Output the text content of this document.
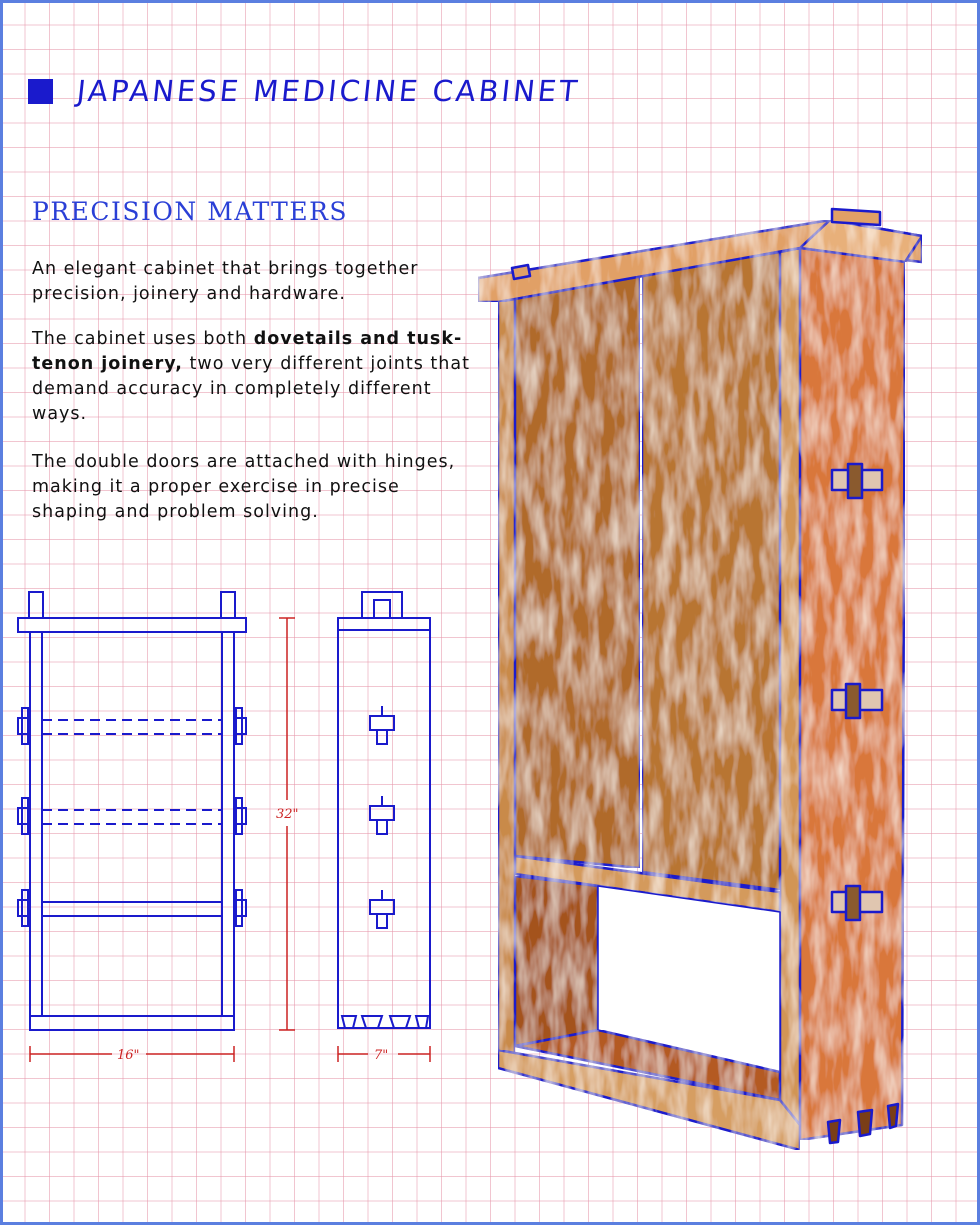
JAPANESE MEDICINE CABINET
PRECISION MATTERS

An elegant cabinet that brings together precision, joinery and hardware.

The cabinet uses both dovetails and tusk-tenon joinery, two very different joints that demand accuracy in completely different ways.

The double doors are attached with hinges, making it a proper exercise in precise shaping and problem solving.

32"
16"	7"
